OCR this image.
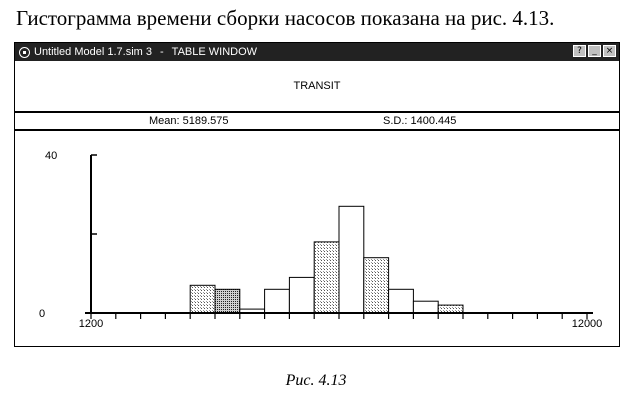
Гистограмма времени сборки насосов показана на рис. 4.13.
Untitled Model 1.7.sim 3 - TABLE WINDOW	?	_ ×
TRANSIT
Mean: 5189.575	S.D.: 1400.445
0
40
1200	12000
Рис. 4.13
